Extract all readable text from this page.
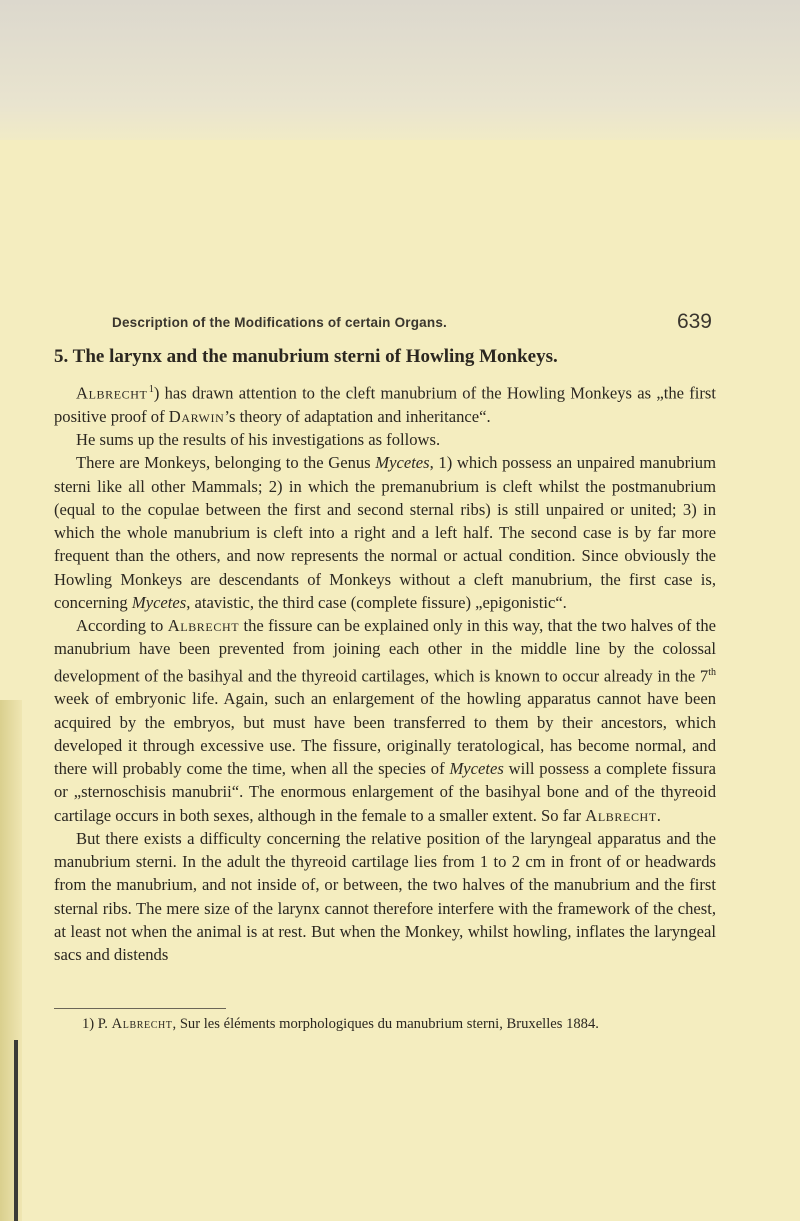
Description of the Modifications of certain Organs.	639
5. The larynx and the manubrium sterni of Howling Monkeys.

Albrecht $^1$) has drawn attention to the cleft manubrium of the Howling Monkeys as „the first positive proof of Darwin’s theory of adaptation and inheritance“.

He sums up the results of his investigations as follows.

There are Monkeys, belonging to the Genus Mycetes, 1) which possess an unpaired manubrium sterni like all other Mammals; 2) in which the premanubrium is cleft whilst the postmanubrium (equal to the copulae between the first and second sternal ribs) is still unpaired or united; 3) in which the whole manubrium is cleft into a right and a left half. The second case is by far more frequent than the others, and now represents the normal or actual condition. Since obviously the Howling Monkeys are descendants of Monkeys without a cleft manubrium, the first case is, concerning Mycetes, atavistic, the third case (complete fissure) „epigonistic“.

According to Albrecht the fissure can be explained only in this way, that the two halves of the manubrium have been prevented from joining each other in the middle line by the colossal development of the basihyal and the thyreoid cartilages, which is known to occur already in the 7th week of embryonic life. Again, such an enlargement of the howling apparatus cannot have been acquired by the embryos, but must have been transferred to them by their ancestors, which developed it through excessive use. The fissure, originally teratological, has become normal, and there will probably come the time, when all the species of Mycetes will possess a complete fissura or „sternoschisis manubrii“. The enormous enlargement of the basihyal bone and of the thyreoid cartilage occurs in both sexes, although in the female to a smaller extent. So far Albrecht.

But there exists a difficulty concerning the relative position of the laryngeal apparatus and the manubrium sterni. In the adult the thyreoid cartilage lies from 1 to 2 cm in front of or headwards from the manubrium, and not inside of, or between, the two halves of the manubrium and the first sternal ribs. The mere size of the larynx cannot therefore interfere with the framework of the chest, at least not when the animal is at rest. But when the Monkey, whilst howling, inflates the laryngeal sacs and distends

1) P. Albrecht, Sur les éléments morphologiques du manubrium sterni, Bruxelles 1884.
